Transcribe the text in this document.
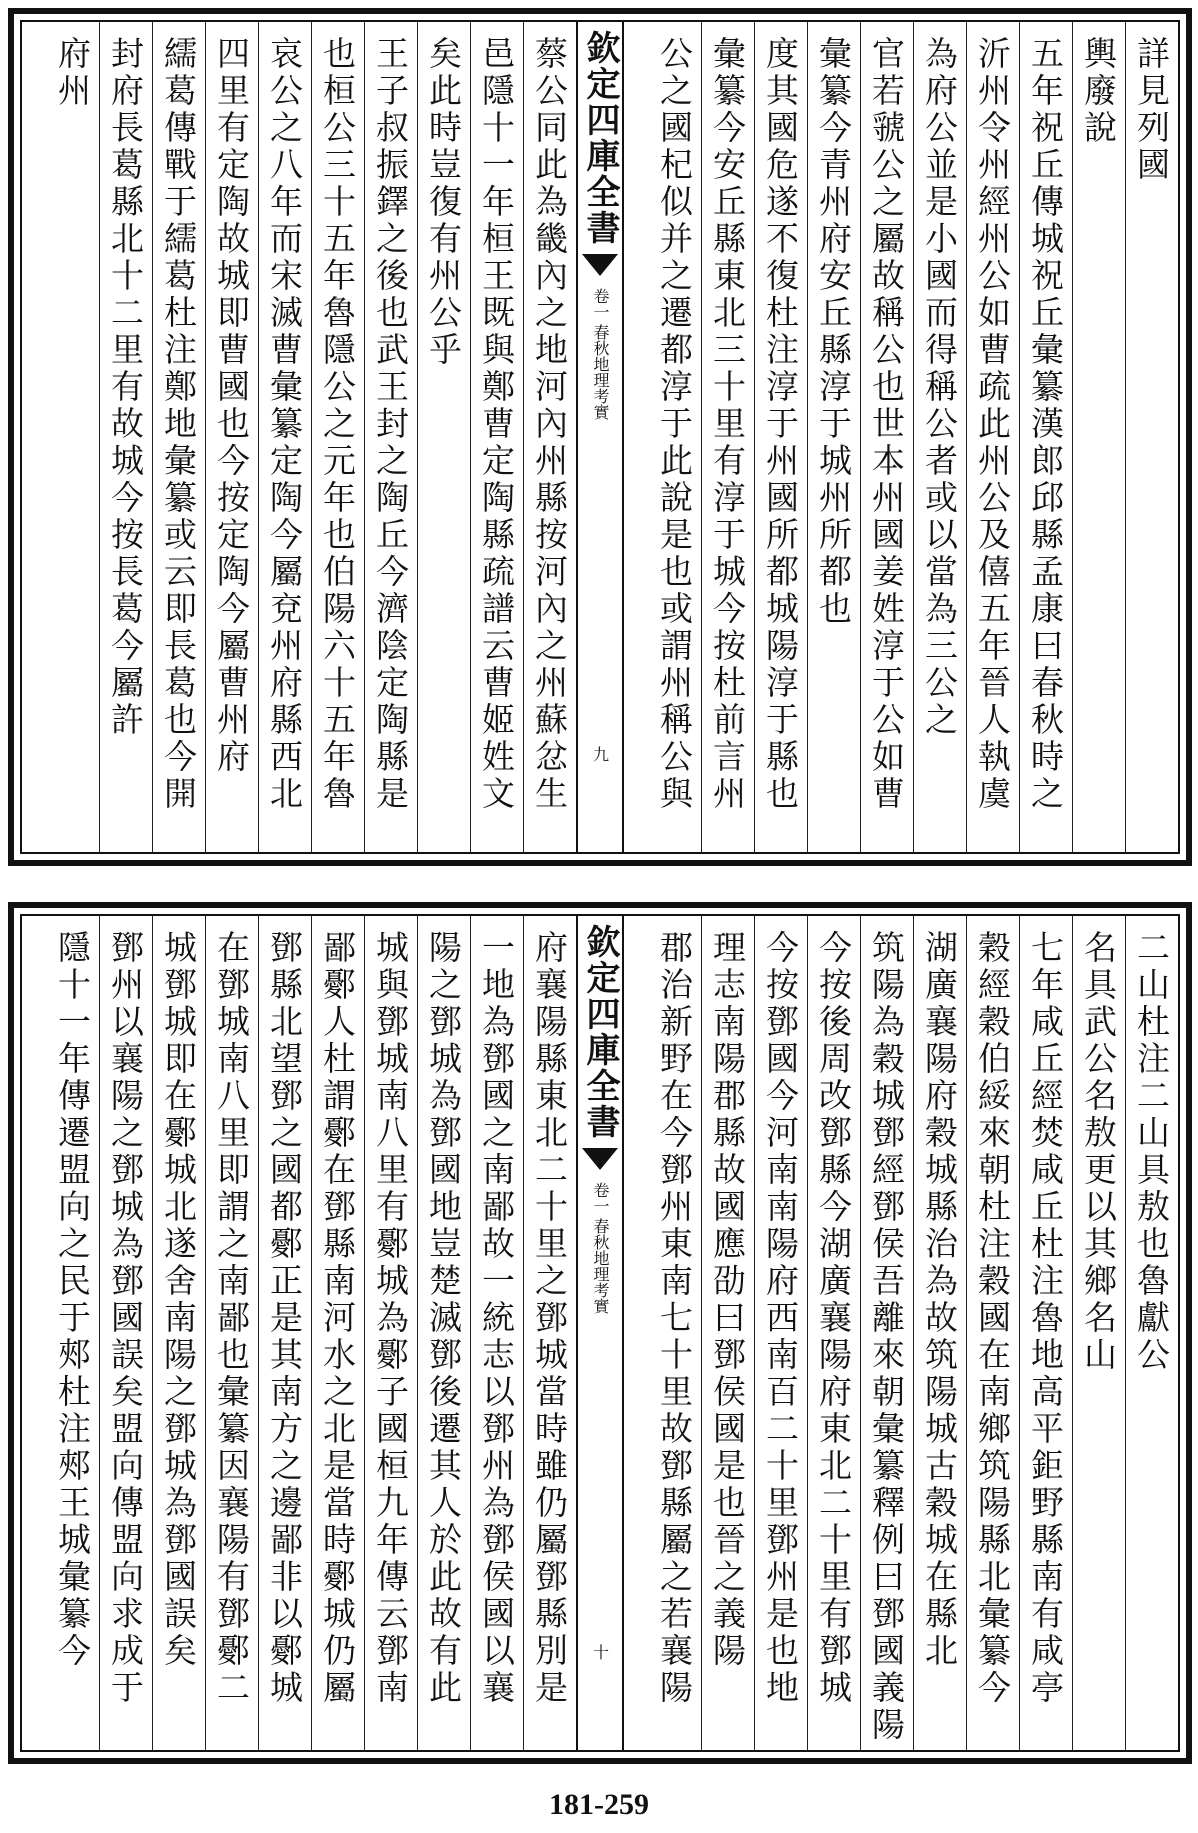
詳見列國
輿廢說
五年祝丘傳城祝丘彙纂漢郎邱縣孟康曰春秋時之
沂州令州經州公如曹疏此州公及僖五年晉人執虞
為府公並是小國而得稱公者或以當為三公之
官若虢公之屬故稱公也世本州國姜姓淳于公如曹
彙纂今青州府安丘縣淳于城州所都也
度其國危遂不復杜注淳于州國所都城陽淳于縣也
彙纂今安丘縣東北三十里有淳于城今按杜前言州
公之國杞似并之遷都淳于此說是也或謂州稱公與
欽定四庫全書
卷一
春秋地理考實
九
蔡公同此為畿內之地河內州縣按河內之州蘇忿生
邑隱十一年桓王既與鄭曹定陶縣疏譜云曹姬姓文
矣此時豈復有州公乎
王子叔振鐸之後也武王封之陶丘今濟陰定陶縣是
也桓公三十五年魯隱公之元年也伯陽六十五年魯
哀公之八年而宋滅曹彙纂定陶今屬兗州府縣西北
四里有定陶故城即曹國也今按定陶今屬曹州府
繻葛傳戰于繻葛杜注鄭地彙纂或云即長葛也今開
封府長葛縣北十二里有故城今按長葛今屬許
府州
二山杜注二山具敖也魯獻公
名具武公名敖更以其鄉名山
七年咸丘經焚咸丘杜注魯地高平鉅野縣南有咸亭
穀經穀伯綏來朝杜注穀國在南鄉筑陽縣北彙纂今
湖廣襄陽府穀城縣治為故筑陽城古穀城在縣北
筑陽為穀城鄧經鄧侯吾離來朝彙纂釋例曰鄧國義陽
今按後周改鄧縣今湖廣襄陽府東北二十里有鄧城
今按鄧國今河南南陽府西南百二十里鄧州是也地
理志南陽郡縣故國應劭曰鄧侯國是也晉之義陽
郡治新野在今鄧州東南七十里故鄧縣屬之若襄陽
欽定四庫全書
卷一
春秋地理考實
十
府襄陽縣東北二十里之鄧城當時雖仍屬鄧縣別是
一地為鄧國之南鄙故一統志以鄧州為鄧侯國以襄
陽之鄧城為鄧國地豈楚滅鄧後遷其人於此故有此
城與鄧城南八里有鄾城為鄾子國桓九年傳云鄧南
鄙鄾人杜謂鄾在鄧縣南河水之北是當時鄾城仍屬
鄧縣北望鄧之國都鄾正是其南方之邊鄙非以鄾城
在鄧城南八里即謂之南鄙也彙纂因襄陽有鄧鄾二
城鄧城即在鄾城北遂舍南陽之鄧城為鄧國誤矣
鄧州以襄陽之鄧城為鄧國誤矣盟向傳盟向求成于
隱十一年傳遷盟向之民于郟杜注郟王城彙纂今
181-259
